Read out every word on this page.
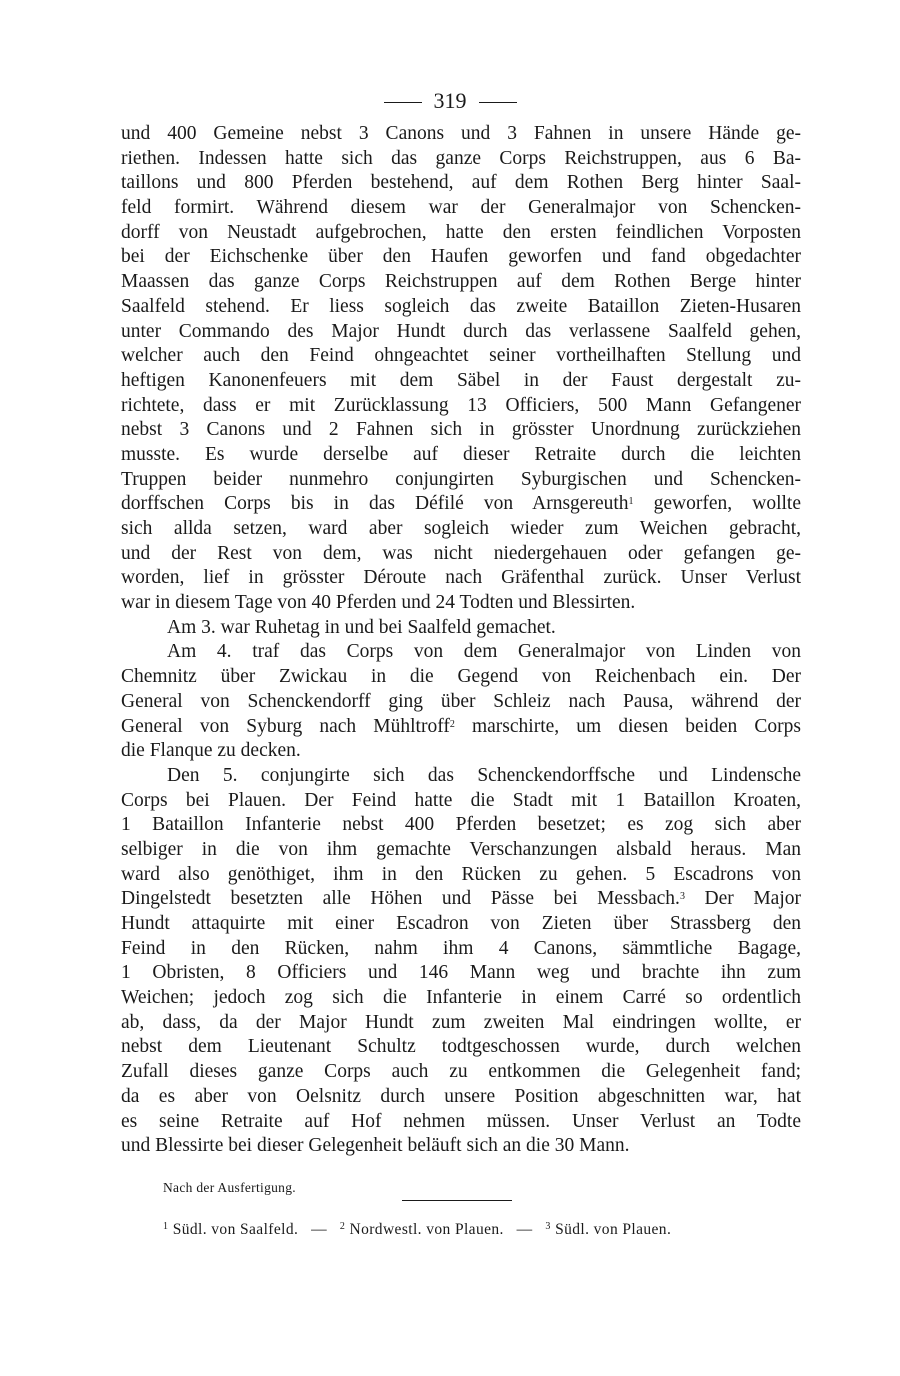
319
und 400 Gemeine nebst 3 Canons und 3 Fahnen in unsere Hände ge-
riethen. Indessen hatte sich das ganze Corps Reichstruppen, aus 6 Ba-
taillons und 800 Pferden bestehend, auf dem Rothen Berg hinter Saal-
feld formirt. Während diesem war der Generalmajor von Schencken-
dorff von Neustadt aufgebrochen, hatte den ersten feindlichen Vorposten
bei der Eichschenke über den Haufen geworfen und fand obgedachter
Maassen das ganze Corps Reichstruppen auf dem Rothen Berge hinter
Saalfeld stehend. Er liess sogleich das zweite Bataillon Zieten-Husaren
unter Commando des Major Hundt durch das verlassene Saalfeld gehen,
welcher auch den Feind ohngeachtet seiner vortheilhaften Stellung und
heftigen Kanonenfeuers mit dem Säbel in der Faust dergestalt zu-
richtete, dass er mit Zurücklassung 13 Officiers, 500 Mann Gefangener
nebst 3 Canons und 2 Fahnen sich in grösster Unordnung zurückziehen
musste. Es wurde derselbe auf dieser Retraite durch die leichten
Truppen beider nunmehro conjungirten Syburgischen und Schencken-
dorffschen Corps bis in das Défilé von Arnsgereuth$^1$ geworfen, wollte
sich allda setzen, ward aber sogleich wieder zum Weichen gebracht,
und der Rest von dem, was nicht niedergehauen oder gefangen ge-
worden, lief in grösster Déroute nach Gräfenthal zurück. Unser Verlust
war in diesem Tage von 40 Pferden und 24 Todten und Blessirten.
Am 3. war Ruhetag in und bei Saalfeld gemachet.
Am 4. traf das Corps von dem Generalmajor von Linden von
Chemnitz über Zwickau in die Gegend von Reichenbach ein. Der
General von Schenckendorff ging über Schleiz nach Pausa, während der
General von Syburg nach Mühltroff$^2$ marschirte, um diesen beiden Corps
die Flanque zu decken.
Den 5. conjungirte sich das Schenckendorffsche und Lindensche
Corps bei Plauen. Der Feind hatte die Stadt mit 1 Bataillon Kroaten,
1 Bataillon Infanterie nebst 400 Pferden besetzet; es zog sich aber
selbiger in die von ihm gemachte Verschanzungen alsbald heraus. Man
ward also genöthiget, ihm in den Rücken zu gehen. 5 Escadrons von
Dingelstedt besetzten alle Höhen und Pässe bei Messbach.$^3$ Der Major
Hundt attaquirte mit einer Escadron von Zieten über Strassberg den
Feind in den Rücken, nahm ihm 4 Canons, sämmtliche Bagage,
1 Obristen, 8 Officiers und 146 Mann weg und brachte ihn zum
Weichen; jedoch zog sich die Infanterie in einem Carré so ordentlich
ab, dass, da der Major Hundt zum zweiten Mal eindringen wollte, er
nebst dem Lieutenant Schultz todtgeschossen wurde, durch welchen
Zufall dieses ganze Corps auch zu entkommen die Gelegenheit fand;
da es aber von Oelsnitz durch unsere Position abgeschnitten war, hat
es seine Retraite auf Hof nehmen müssen. Unser Verlust an Todte
und Blessirte bei dieser Gelegenheit beläuft sich an die 30 Mann.
Nach der Ausfertigung.
$^1$ Südl. von Saalfeld. — $^2$ Nordwestl. von Plauen. — $^3$ Südl. von Plauen.
